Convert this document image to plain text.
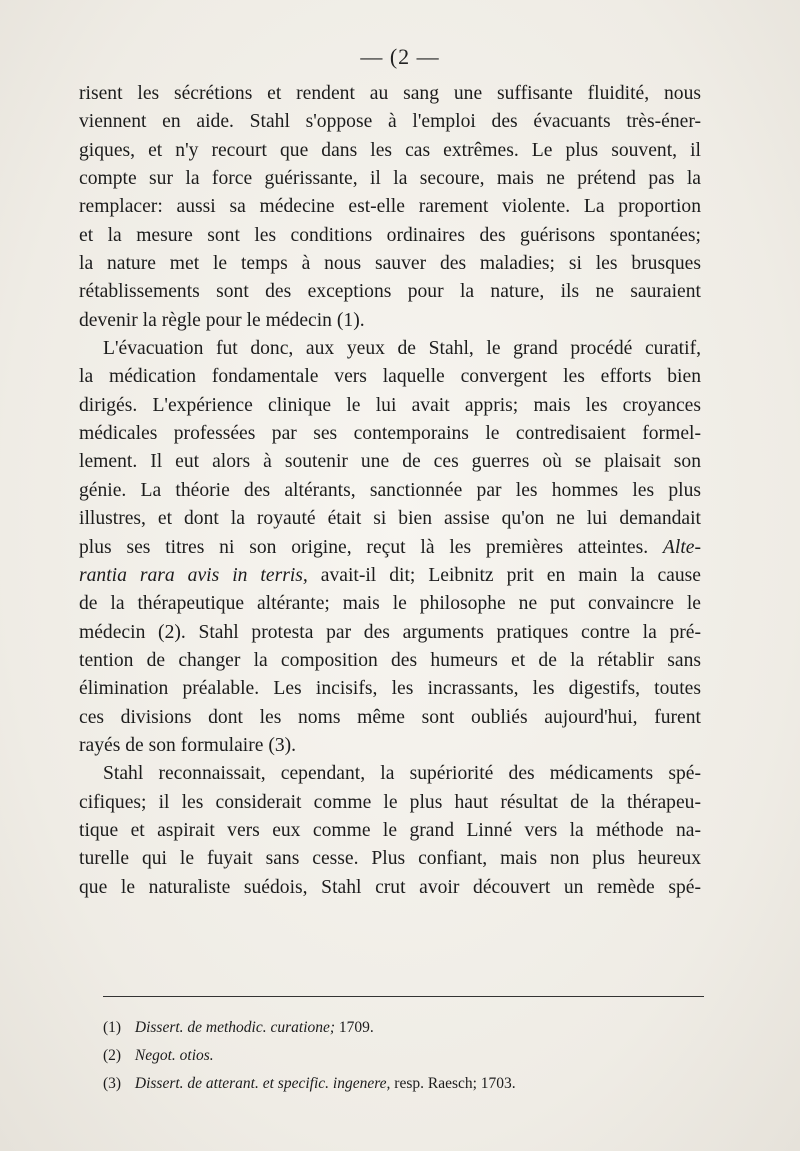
— (2 —
risent les sécrétions et rendent au sang une suffisante fluidité, nous
viennent en aide. Stahl s'oppose à l'emploi des évacuants très-éner-
giques, et n'y recourt que dans les cas extrêmes. Le plus souvent, il
compte sur la force guérissante, il la secoure, mais ne prétend pas la
remplacer: aussi sa médecine est-elle rarement violente. La proportion
et la mesure sont les conditions ordinaires des guérisons spontanées;
la nature met le temps à nous sauver des maladies; si les brusques
rétablissements sont des exceptions pour la nature, ils ne sauraient
devenir la règle pour le médecin (1).
L'évacuation fut donc, aux yeux de Stahl, le grand procédé curatif,
la médication fondamentale vers laquelle convergent les efforts bien
dirigés. L'expérience clinique le lui avait appris; mais les croyances
médicales professées par ses contemporains le contredisaient formel-
lement. Il eut alors à soutenir une de ces guerres où se plaisait son
génie. La théorie des altérants, sanctionnée par les hommes les plus
illustres, et dont la royauté était si bien assise qu'on ne lui demandait
plus ses titres ni son origine, reçut là les premières atteintes. Alte-
rantia rara avis in terris, avait-il dit; Leibnitz prit en main la cause
de la thérapeutique altérante; mais le philosophe ne put convaincre le
médecin (2). Stahl protesta par des arguments pratiques contre la pré-
tention de changer la composition des humeurs et de la rétablir sans
élimination préalable. Les incisifs, les incrassants, les digestifs, toutes
ces divisions dont les noms même sont oubliés aujourd'hui, furent
rayés de son formulaire (3).
Stahl reconnaissait, cependant, la supériorité des médicaments spé-
cifiques; il les considerait comme le plus haut résultat de la thérapeu-
tique et aspirait vers eux comme le grand Linné vers la méthode na-
turelle qui le fuyait sans cesse. Plus confiant, mais non plus heureux
que le naturaliste suédois, Stahl crut avoir découvert un remède spé-
(1) Dissert. de methodic. curatione; 1709.
(2) Negot. otios.
(3) Dissert. de atterant. et specific. ingenere, resp. Raesch; 1703.
